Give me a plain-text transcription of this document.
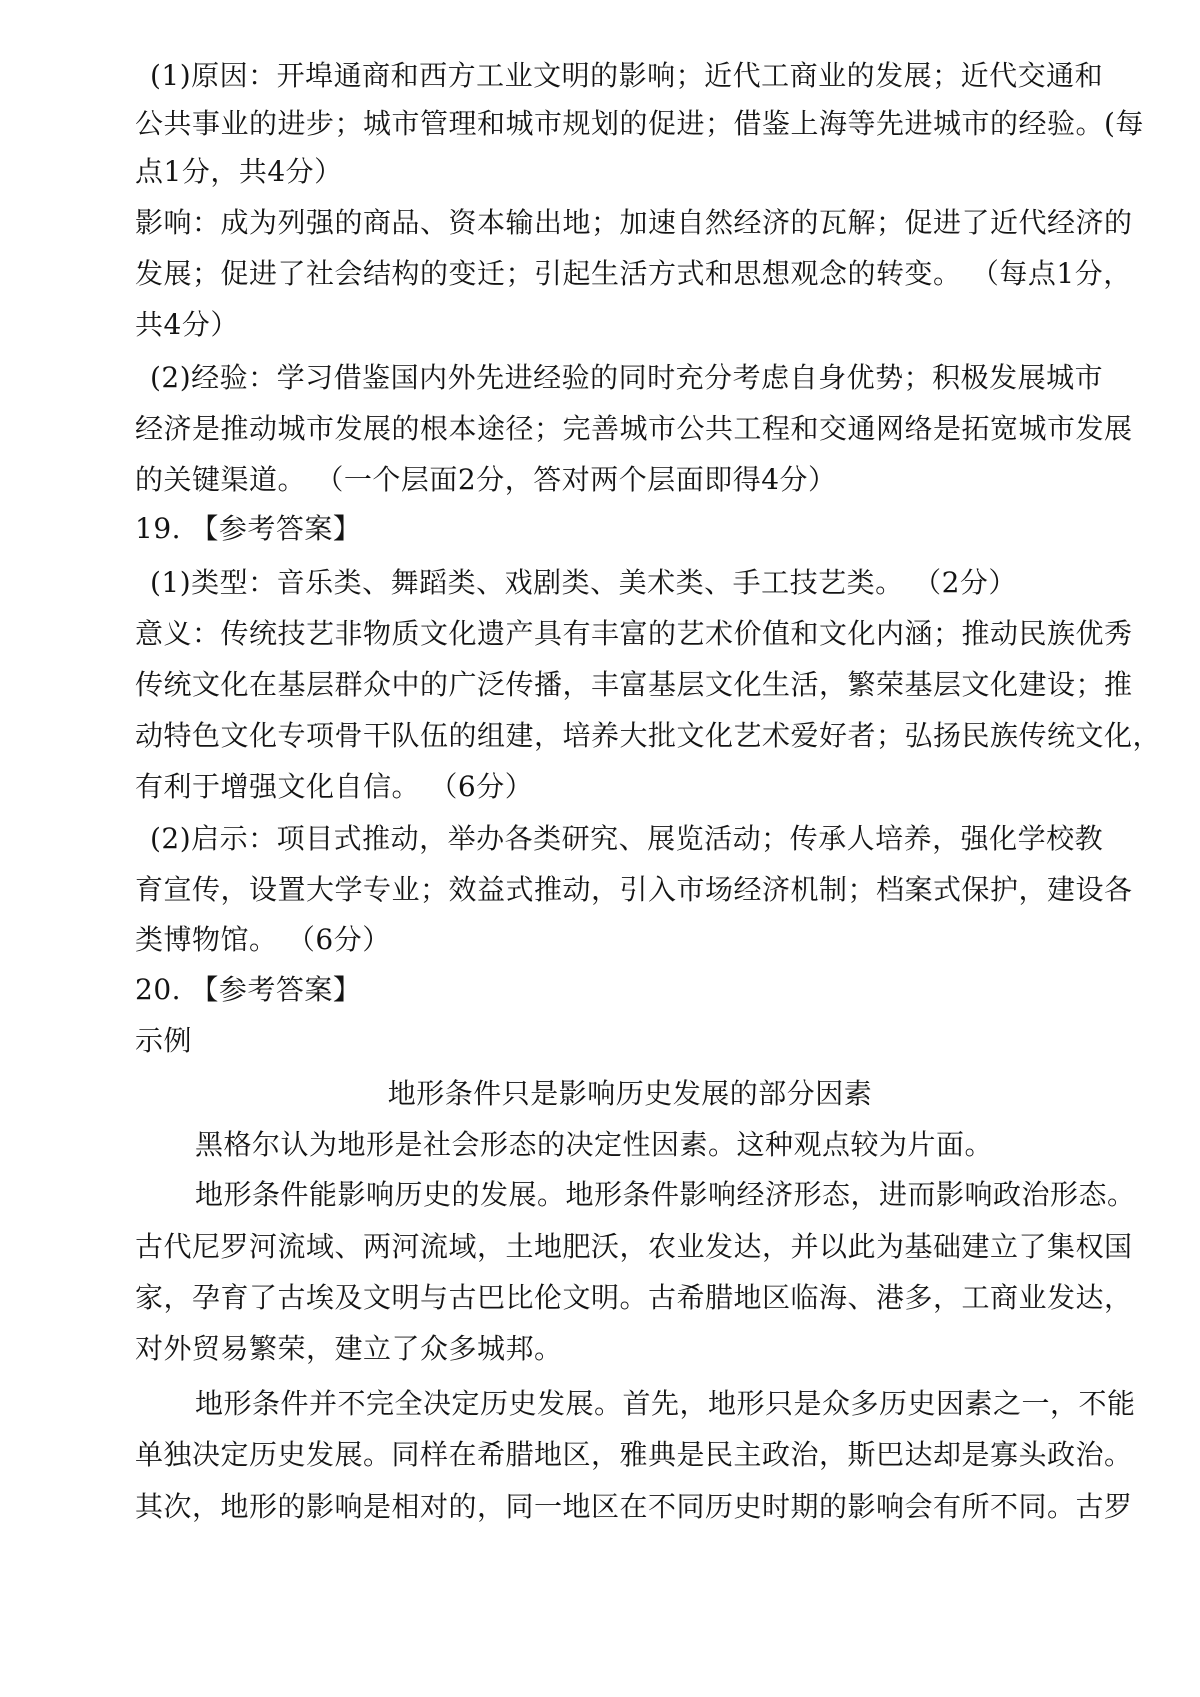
(1)原因：开埠通商和西方工业文明的影响；近代工商业的发展；近代交通和
公共事业的进步；城市管理和城市规划的促进；借鉴上海等先进城市的经验。(每
点1分，共4分）
影响：成为列强的商品、资本输出地；加速自然经济的瓦解；促进了近代经济的
发展；促进了社会结构的变迁；引起生活方式和思想观念的转变。 （每点1分，
共4分）
(2)经验：学习借鉴国内外先进经验的同时充分考虑自身优势；积极发展城市
经济是推动城市发展的根本途径；完善城市公共工程和交通网络是拓宽城市发展
的关键渠道。 （一个层面2分，答对两个层面即得4分）
19. 【参考答案】
(1)类型：音乐类、舞蹈类、戏剧类、美术类、手工技艺类。 （2分）
意义：传统技艺非物质文化遗产具有丰富的艺术价值和文化内涵；推动民族优秀
传统文化在基层群众中的广泛传播，丰富基层文化生活，繁荣基层文化建设；推
动特色文化专项骨干队伍的组建，培养大批文化艺术爱好者；弘扬民族传统文化，
有利于增强文化自信。 （6分）
(2)启示：项目式推动，举办各类研究、展览活动；传承人培养，强化学校教
育宣传，设置大学专业；效益式推动，引入市场经济机制；档案式保护，建设各
类博物馆。 （6分）
20. 【参考答案】
示例
地形条件只是影响历史发展的部分因素
黑格尔认为地形是社会形态的决定性因素。这种观点较为片面。
地形条件能影响历史的发展。地形条件影响经济形态，进而影响政治形态。
古代尼罗河流域、两河流域，土地肥沃，农业发达，并以此为基础建立了集权国
家，孕育了古埃及文明与古巴比伦文明。古希腊地区临海、港多，工商业发达，
对外贸易繁荣，建立了众多城邦。
地形条件并不完全决定历史发展。首先，地形只是众多历史因素之一，不能
单独决定历史发展。同样在希腊地区，雅典是民主政治，斯巴达却是寡头政治。
其次，地形的影响是相对的，同一地区在不同历史时期的影响会有所不同。古罗
